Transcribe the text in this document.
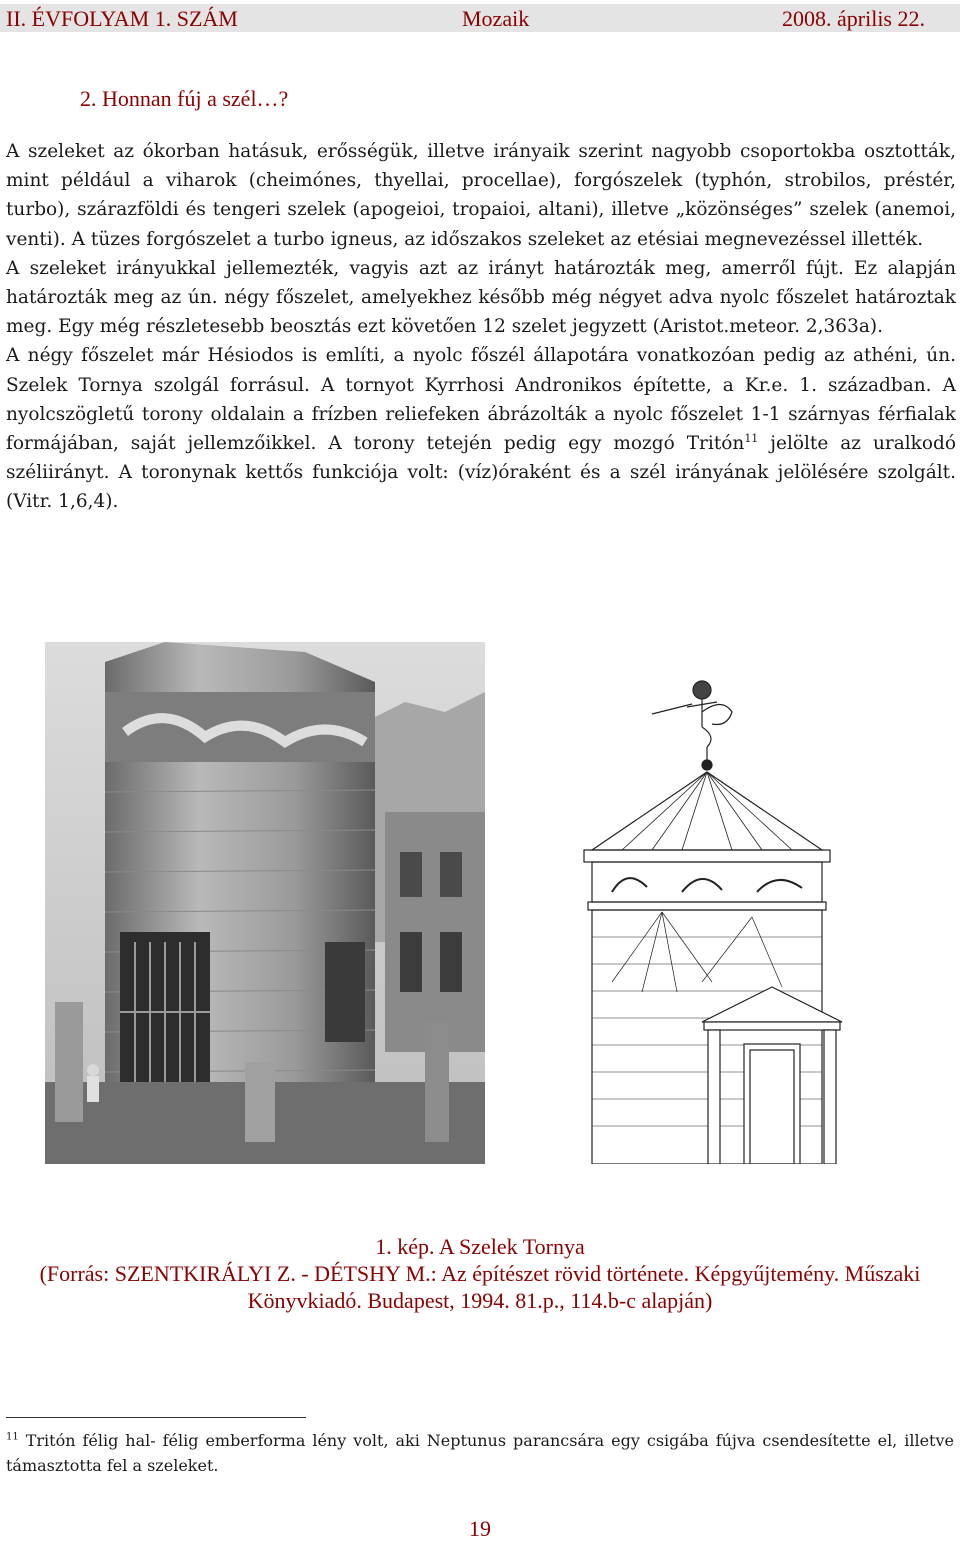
II. ÉVFOLYAM 1. SZÁM	Mozaik	2008. április 22.
2. Honnan fúj a szél…?

A szeleket az ókorban hatásuk, erősségük, illetve irányaik szerint nagyobb csoportokba osztották, mint például a viharok (cheimónes, thyellai, procellae), forgószelek (typhón, strobilos, préstér, turbo), szárazföldi és tengeri szelek (apogeioi, tropaioi, altani), illetve „közönséges” szelek (anemoi, venti). A tüzes forgószelet a turbo igneus, az időszakos szeleket az etésiai megnevezéssel illették.

A szeleket irányukkal jellemezték, vagyis azt az irányt határozták meg, amerről fújt. Ez alapján határozták meg az ún. négy főszelet, amelyekhez később még négyet adva nyolc főszelet határoztak meg. Egy még részletesebb beosztás ezt követően 12 szelet jegyzett (Aristot.meteor. 2,363a).

A négy főszelet már Hésiodos is említi, a nyolc főszél állapotára vonatkozóan pedig az athéni, ún. Szelek Tornya szolgál forrásul. A tornyot Kyrrhosi Andronikos építette, a Kr.e. 1. században. A nyolcszögletű torony oldalain a frízben reliefeken ábrázolták a nyolc főszelet 1-1 szárnyas férfialak formájában, saját jellemzőikkel. A torony tetején pedig egy mozgó Tritón$^{11}$ jelölte az uralkodó széliirányt. A toronynak kettős funkciója volt: (víz)óraként és a szél irányának jelölésére szolgált. (Vitr. 1,6,4).

1. kép. A Szelek Tornya
(Forrás: SZENTKIRÁLYI Z. - DÉTSHY M.: Az építészet rövid története. Képgyűjtemény. Műszaki
Könyvkiadó. Budapest, 1994. 81.p., 114.b-c alapján)
$^{11}$ Tritón félig hal- félig emberforma lény volt, aki Neptunus parancsára egy csigába fújva csendesítette el, illetve támasztotta fel a szeleket.
19
